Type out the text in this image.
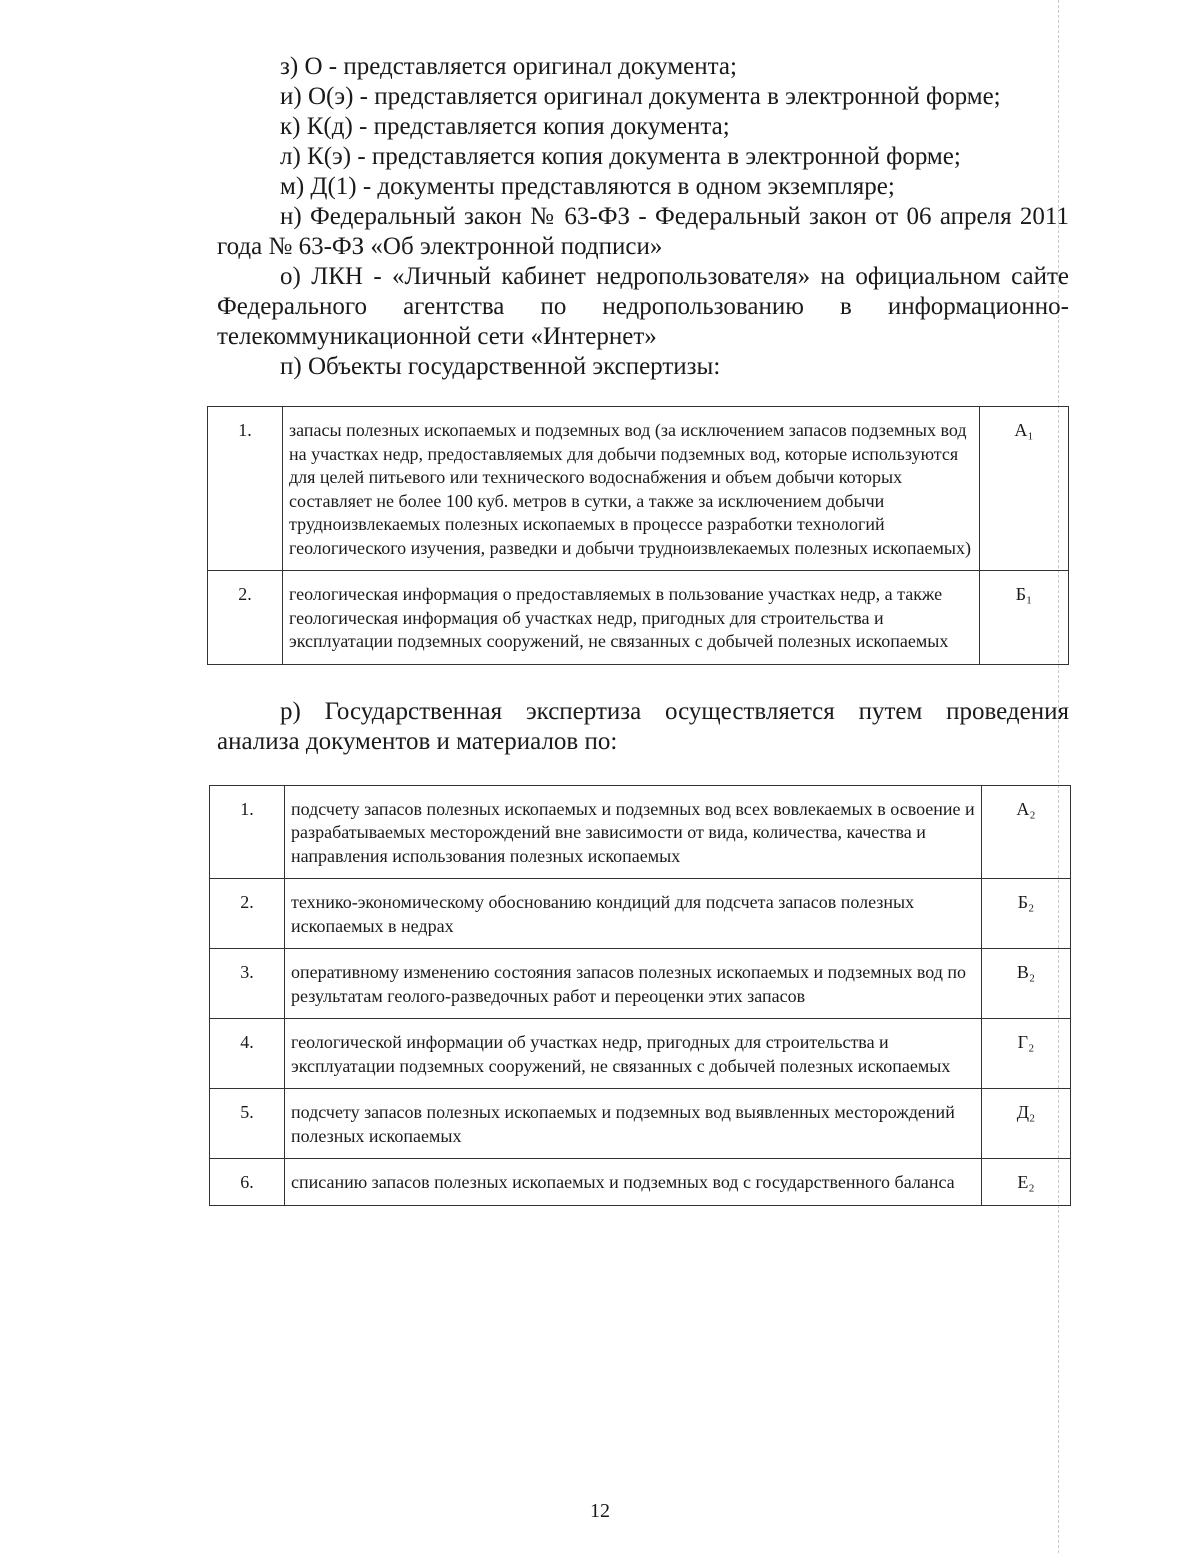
з) О - представляется оригинал документа;

и) О(э) - представляется оригинал документа в электронной форме;

к) К(д) - представляется копия документа;

л) К(э) - представляется копия документа в электронной форме;

м) Д(1) - документы представляются в одном экземпляре;

н) Федеральный закон № 63-ФЗ - Федеральный закон от 06 апреля 2011 года № 63-ФЗ «Об электронной подписи»

о) ЛКН - «Личный кабинет недропользователя» на официальном сайте Федерального агентства по недропользованию в информационно-телекоммуникационной сети «Интернет»

п) Объекты государственной экспертизы:

1.	запасы полезных ископаемых и подземных вод (за исключением запасов подземных вод на участках недр, предоставляемых для добычи подземных вод, которые используются для целей питьевого или технического водоснабжения и объем добычи которых составляет не более 100 куб. метров в сутки, а также за исключением добычи трудноизвлекаемых полезных ископаемых в процессе разработки технологий геологического изучения, разведки и добычи трудноизвлекаемых полезных ископаемых)	А₁
2.	геологическая информация о предоставляемых в пользование участках недр, а также геологическая информация об участках недр, пригодных для строительства и эксплуатации подземных сооружений, не связанных с добычей полезных ископаемых	Б₁

р) Государственная экспертиза осуществляется путем проведения анализа документов и материалов по:

1.	подсчету запасов полезных ископаемых и подземных вод всех вовлекаемых в освоение и разрабатываемых месторождений вне зависимости от вида, количества, качества и направления использования полезных ископаемых	А₂
2.	технико-экономическому обоснованию кондиций для подсчета запасов полезных ископаемых в недрах	Б₂
3.	оперативному изменению состояния запасов полезных ископаемых и подземных вод по результатам геолого-разведочных работ и переоценки этих запасов	В₂
4.	геологической информации об участках недр, пригодных для строительства и эксплуатации подземных сооружений, не связанных с добычей полезных ископаемых	Г₂
5.	подсчету запасов полезных ископаемых и подземных вод выявленных месторождений полезных ископаемых	Д₂
6.	списанию запасов полезных ископаемых и подземных вод с государственного баланса	Е₂
12
